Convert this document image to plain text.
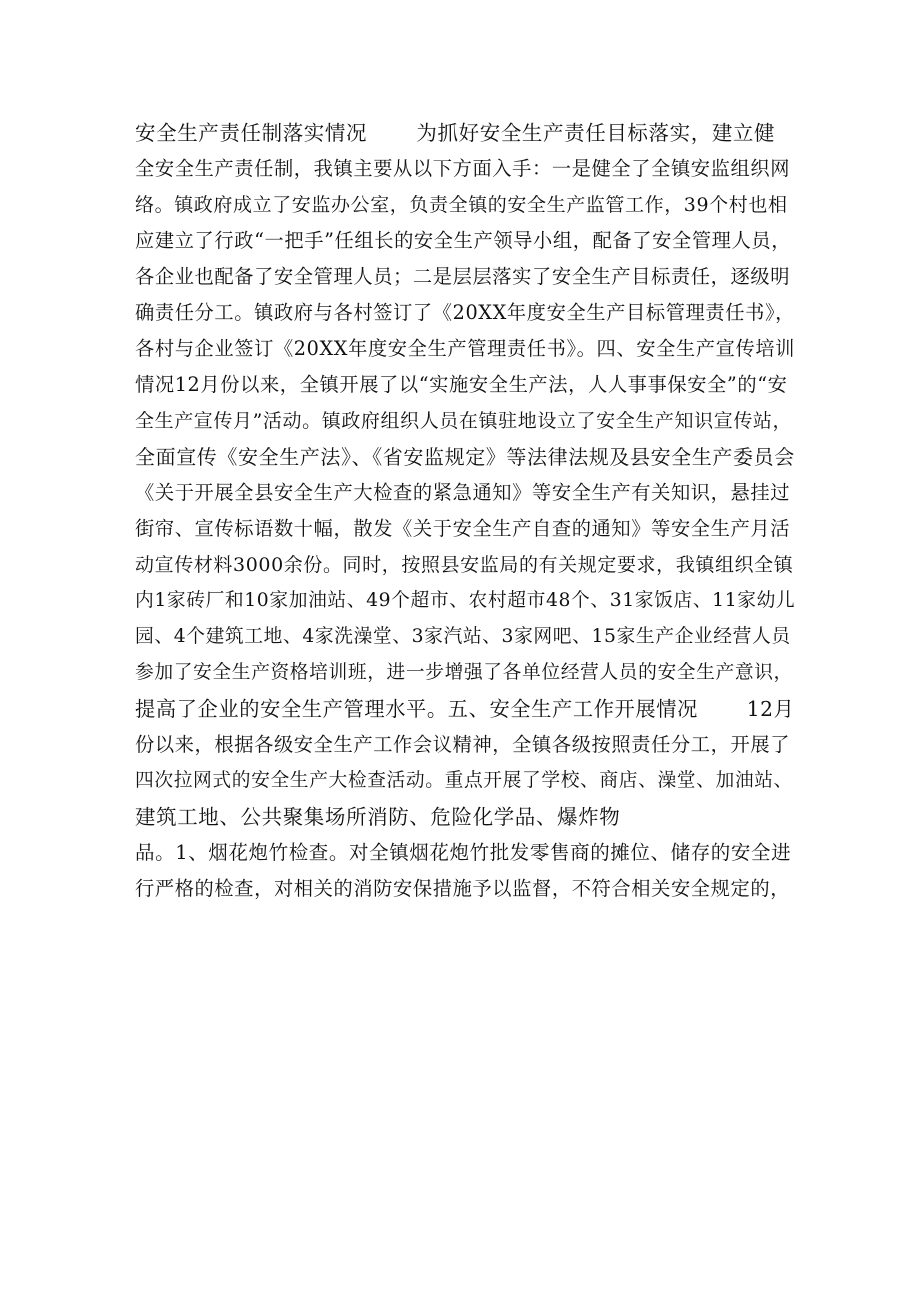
安全生产责任制落实情况　　 为抓好安全生产责任目标落实，建立健
全安全生产责任制，我镇主要从以下方面入手：一是健全了全镇安监组织网
络。镇政府成立了安监办公室，负责全镇的安全生产监管工作，39个村也相
应建立了行政“一把手”任组长的安全生产领导小组，配备了安全管理人员，
各企业也配备了安全管理人员；二是层层落实了安全生产目标责任，逐级明
确责任分工。镇政府与各村签订了《20XX年度安全生产目标管理责任书》，
各村与企业签订《20XX年度安全生产管理责任书》。四、安全生产宣传培训
情况12月份以来，全镇开展了以“实施安全生产法，人人事事保安全”的“安
全生产宣传月”活动。镇政府组织人员在镇驻地设立了安全生产知识宣传站，
全面宣传《安全生产法》、《省安监规定》等法律法规及县安全生产委员会
《关于开展全县安全生产大检查的紧急通知》等安全生产有关知识，悬挂过
街帘、宣传标语数十幅，散发《关于安全生产自查的通知》等安全生产月活
动宣传材料3000余份。同时，按照县安监局的有关规定要求，我镇组织全镇
内1家砖厂和10家加油站、49个超市、农村超市48个、31家饭店、11家幼儿
园、4个建筑工地、4家洗澡堂、3家汽站、3家网吧、15家生产企业经营人员
参加了安全生产资格培训班，进一步增强了各单位经营人员的安全生产意识，
提高了企业的安全生产管理水平。五、安全生产工作开展情况　　 12月
份以来，根据各级安全生产工作会议精神，全镇各级按照责任分工，开展了
四次拉网式的安全生产大检查活动。重点开展了学校、商店、澡堂、加油站、
建筑工地、公共聚集场所消防、危险化学品、爆炸物
品。1、烟花炮竹检查。对全镇烟花炮竹批发零售商的摊位、储存的安全进
行严格的检查，对相关的消防安保措施予以监督，不符合相关安全规定的，
